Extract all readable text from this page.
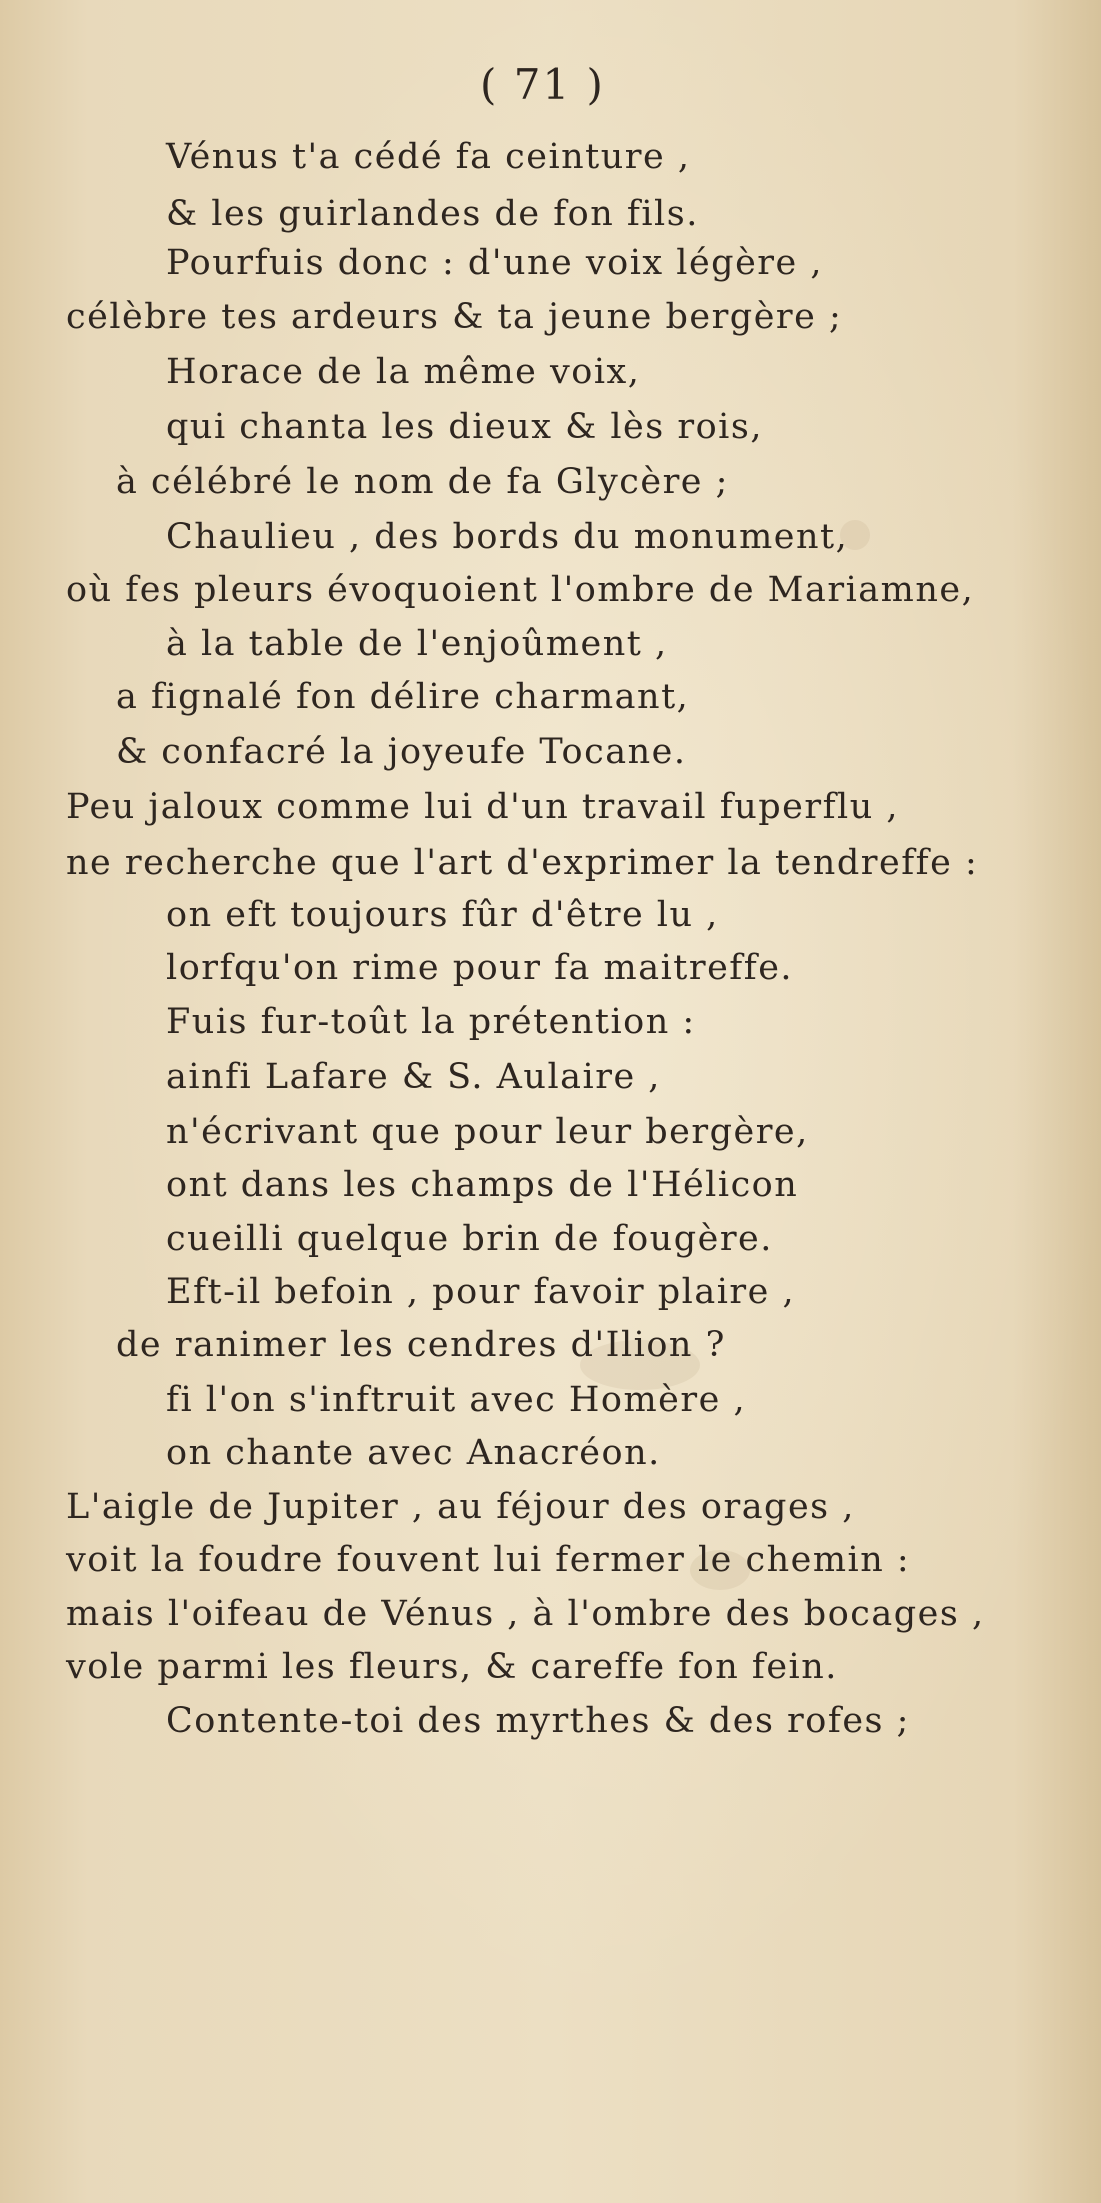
( 71 )
Vénus t'a cédé fa ceinture ,
& les guirlandes de fon fils.
Pourfuis donc : d'une voix légère ,
célèbre tes ardeurs & ta jeune bergère ;
Horace de la même voix,
qui chanta les dieux & lès rois,
à célébré le nom de fa Glycère ;
Chaulieu , des bords du monument,
où fes pleurs évoquoient l'ombre de Mariamne,
à la table de l'enjoûment ,
a fignalé fon délire charmant,
& confacré la joyeufe Tocane.
Peu jaloux comme lui d'un travail fuperflu ,
ne recherche que l'art d'exprimer la tendreffe :
on eft toujours fûr d'être lu ,
lorfqu'on rime pour fa maitreffe.
Fuis fur-toût la prétention :
ainfi Lafare & S. Aulaire ,
n'écrivant que pour leur bergère,
ont dans les champs de l'Hélicon
cueilli quelque brin de fougère.
Eft-il befoin , pour favoir plaire ,
de ranimer les cendres d'Ilion ?
fi l'on s'inftruit avec Homère ,
on chante avec Anacréon.
L'aigle de Jupiter , au féjour des orages ,
voit la foudre fouvent lui fermer le chemin :
mais l'oifeau de Vénus , à l'ombre des bocages ,
vole parmi les fleurs, & careffe fon fein.
Contente-toi des myrthes & des rofes ;
